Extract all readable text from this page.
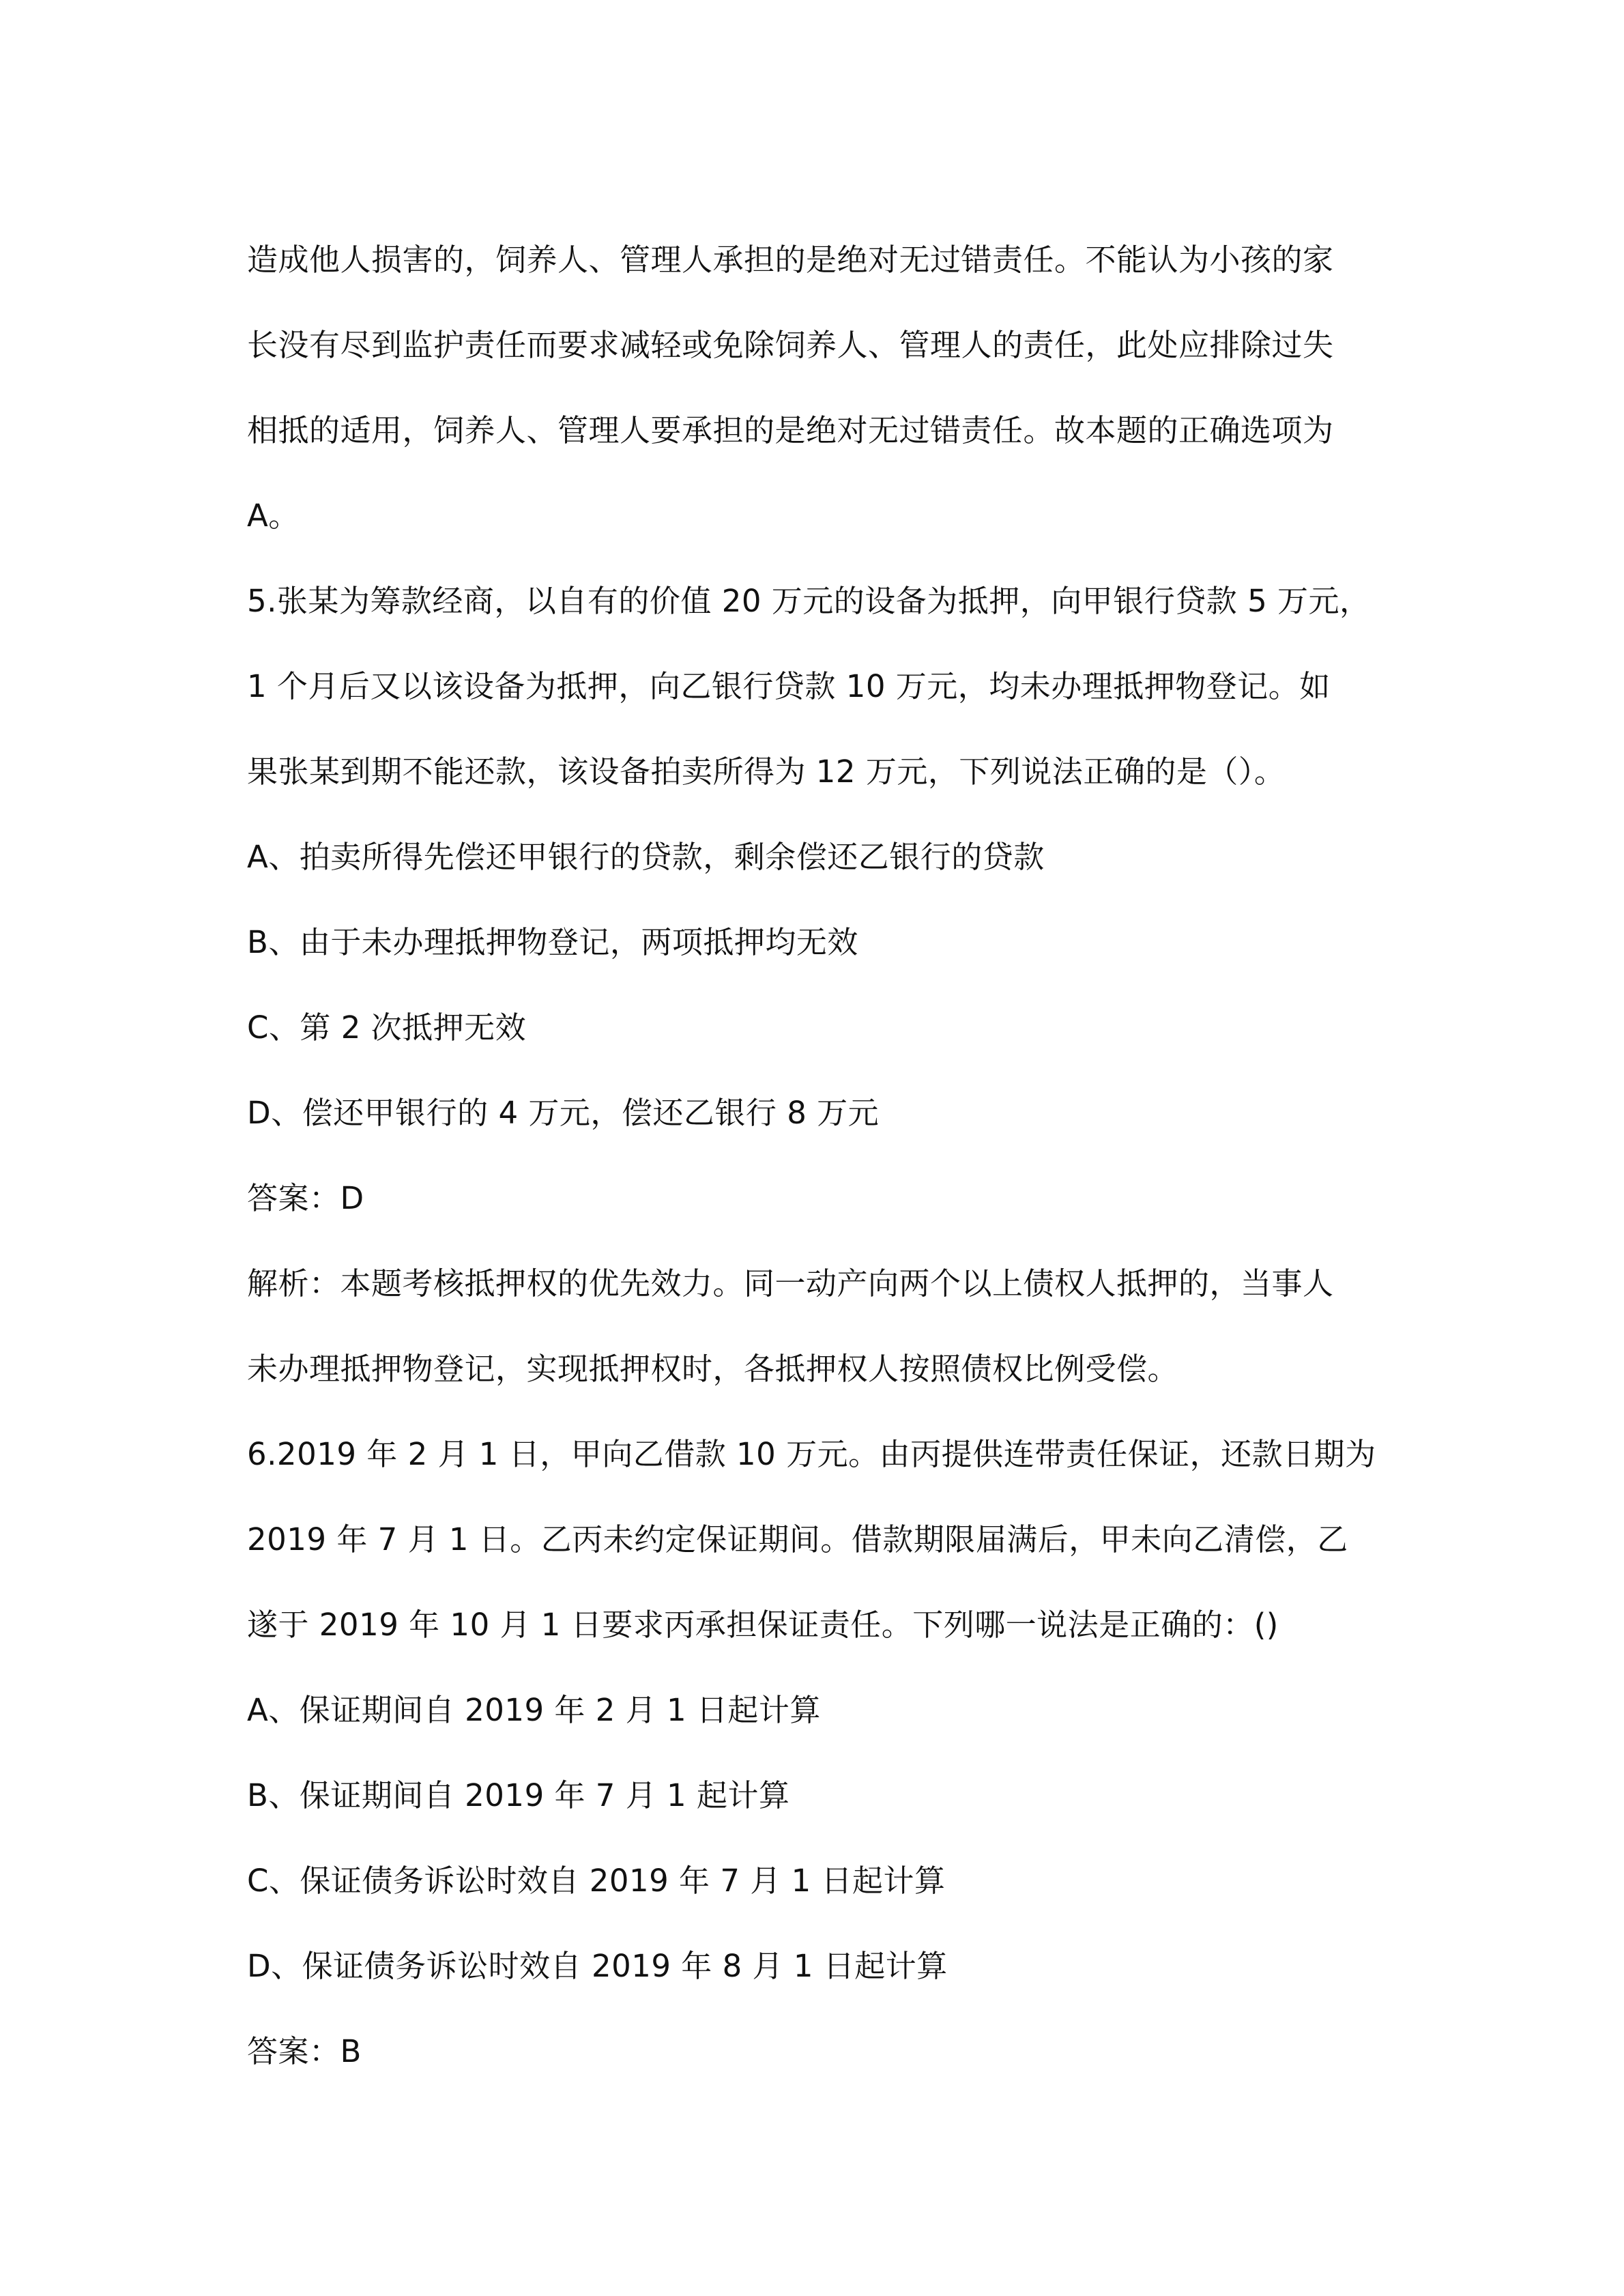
造成他人损害的，饲养人、管理人承担的是绝对无过错责任。不能认为小孩的家
长没有尽到监护责任而要求减轻或免除饲养人、管理人的责任，此处应排除过失
相抵的适用，饲养人、管理人要承担的是绝对无过错责任。故本题的正确选项为
A。
5.张某为筹款经商，以自有的价值 20 万元的设备为抵押，向甲银行贷款 5 万元，
1 个月后又以该设备为抵押，向乙银行贷款 10 万元，均未办理抵押物登记。如
果张某到期不能还款，该设备拍卖所得为 12 万元，下列说法正确的是（）。
A、拍卖所得先偿还甲银行的贷款，剩余偿还乙银行的贷款
B、由于未办理抵押物登记，两项抵押均无效
C、第 2 次抵押无效
D、偿还甲银行的 4 万元，偿还乙银行 8 万元
答案：D
解析：本题考核抵押权的优先效力。同一动产向两个以上债权人抵押的，当事人
未办理抵押物登记，实现抵押权时，各抵押权人按照债权比例受偿。
6.2019 年 2 月 1 日，甲向乙借款 10 万元。由丙提供连带责任保证，还款日期为
2019 年 7 月 1 日。乙丙未约定保证期间。借款期限届满后，甲未向乙清偿，乙
遂于 2019 年 10 月 1 日要求丙承担保证责任。下列哪一说法是正确的：()
A、保证期间自 2019 年 2 月 1 日起计算
B、保证期间自 2019 年 7 月 1 起计算
C、保证债务诉讼时效自 2019 年 7 月 1 日起计算
D、保证债务诉讼时效自 2019 年 8 月 1 日起计算
答案：B
